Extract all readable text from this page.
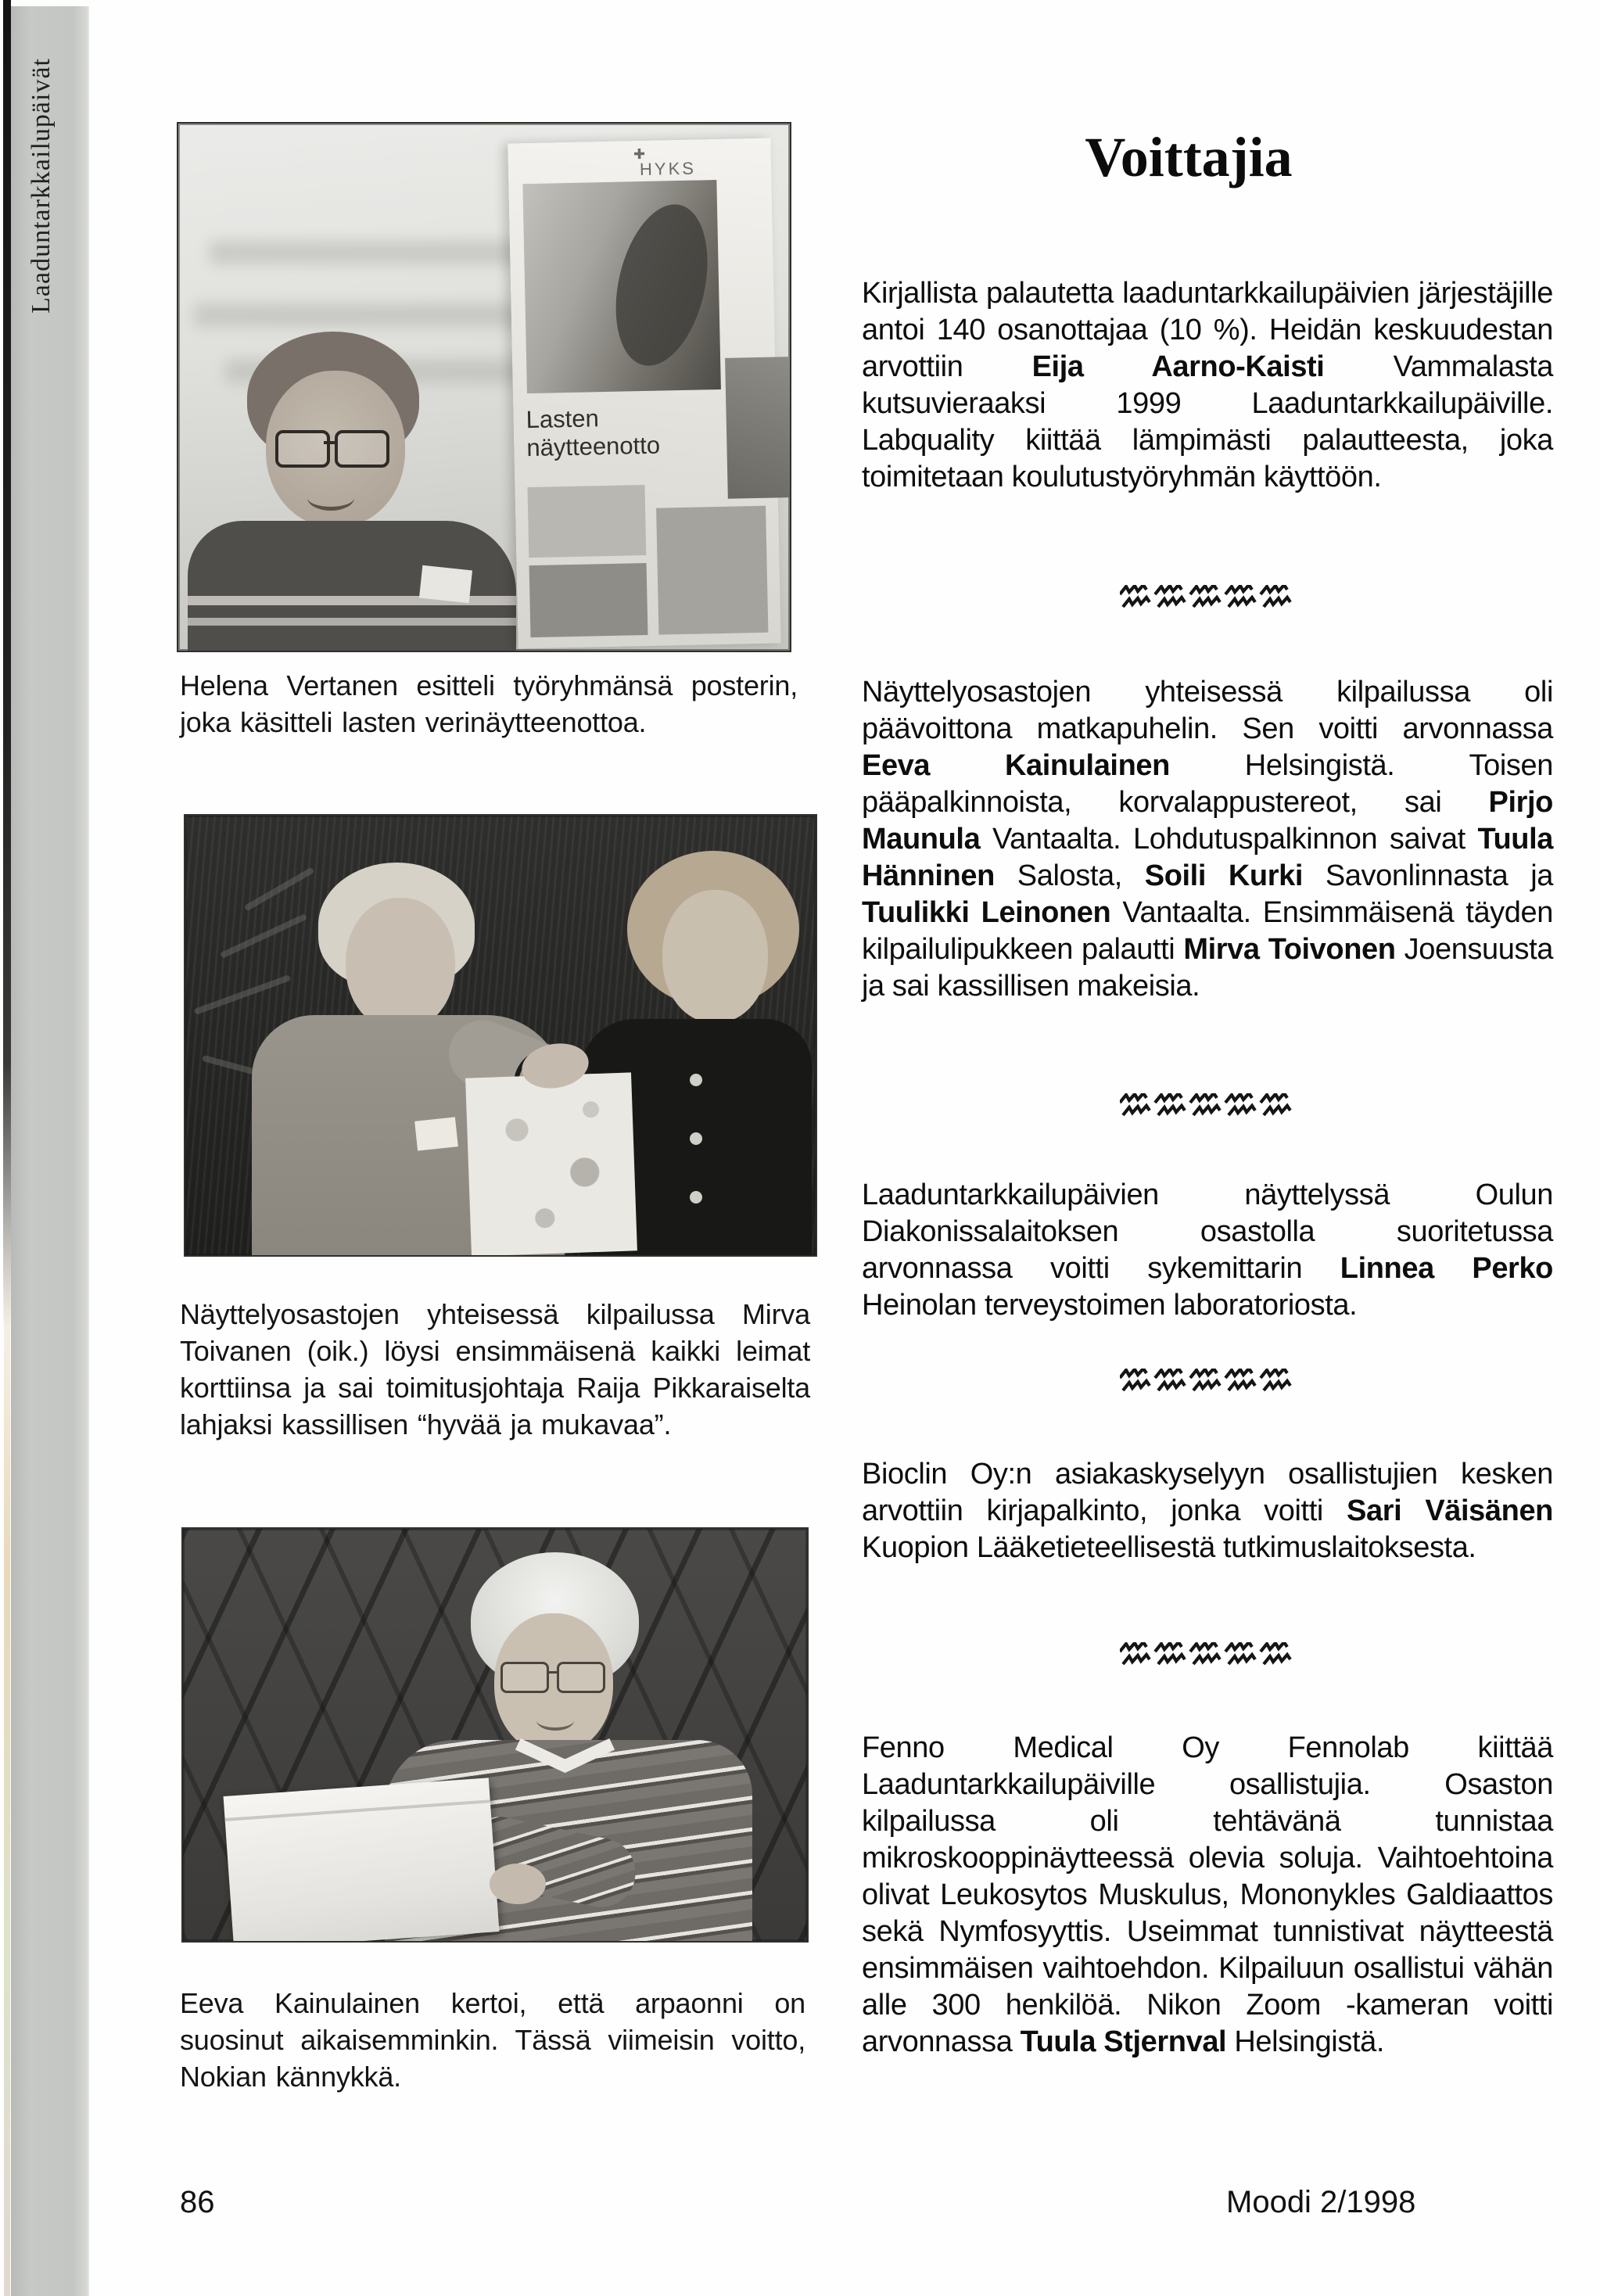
Laaduntarkkailupäivät	✚
HYKS
Lasten näytteenotto

Helena Vertanen esitteli työryhmänsä posterin, joka käsitteli lasten verinäytteenottoa.

Näyttelyosastojen yhteisessä kilpailussa Mirva Toivanen (oik.) löysi ensimmäisenä kaikki leimat korttiinsa ja sai toimitusjohtaja Raija Pikkaraiselta lahjaksi kassillisen “hyvää ja mukavaa”.

Eeva Kainulainen kertoi, että arpaonni on suosinut aikaisemminkin. Tässä viimeisin voitto, Nokian kännykkä.

86
Voittajia

Kirjallista palautetta laaduntarkkailupäivien järjestäjille antoi 140 osanottajaa (10 %). Heidän keskuudestan arvottiin Eija Aarno-Kaisti Vammalasta kutsuvieraaksi 1999 Laaduntarkkailupäiville. Labquality kiittää lämpimästi palautteesta, joka toimitetaan koulutustyöryhmän käyttöön.

Näyttelyosastojen yhteisessä kilpailussa oli päävoittona matkapuhelin. Sen voitti arvonnassa Eeva Kainulainen Helsingistä. Toisen pääpalkinnoista, korvalappustereot, sai Pirjo Maunula Vantaalta. Lohdutuspalkinnon saivat Tuula Hänninen Salosta, Soili Kurki Savonlinnasta ja Tuulikki Leinonen Vantaalta. Ensimmäisenä täyden kilpailulipukkeen palautti Mirva Toivonen Joensuusta ja sai kassillisen makeisia.

Laaduntarkkailupäivien näyttelyssä Oulun Diakonissalaitoksen osastolla suoritetussa arvonnassa voitti sykemittarin Linnea Perko Heinolan terveystoimen laboratoriosta.

Bioclin Oy:n asiakaskyselyyn osallistujien kesken arvottiin kirjapalkinto, jonka voitti Sari Väisänen Kuopion Lääketieteellisestä tutkimuslaitoksesta.

Fenno Medical Oy Fennolab kiittää Laaduntarkkailupäiville osallistujia. Osaston kilpailussa oli tehtävänä tunnistaa mikroskooppinäytteessä olevia soluja. Vaihtoehtoina olivat Leukosytos Muskulus, Mononykles Galdiaattos sekä Nymfosyyttis. Useimmat tunnistivat näytteestä ensimmäisen vaihtoehdon. Kilpailuun osallistui vähän alle 300 henkilöä. Nikon Zoom -kameran voitti arvonnassa Tuula Stjernval Helsingistä.

Moodi 2/1998
